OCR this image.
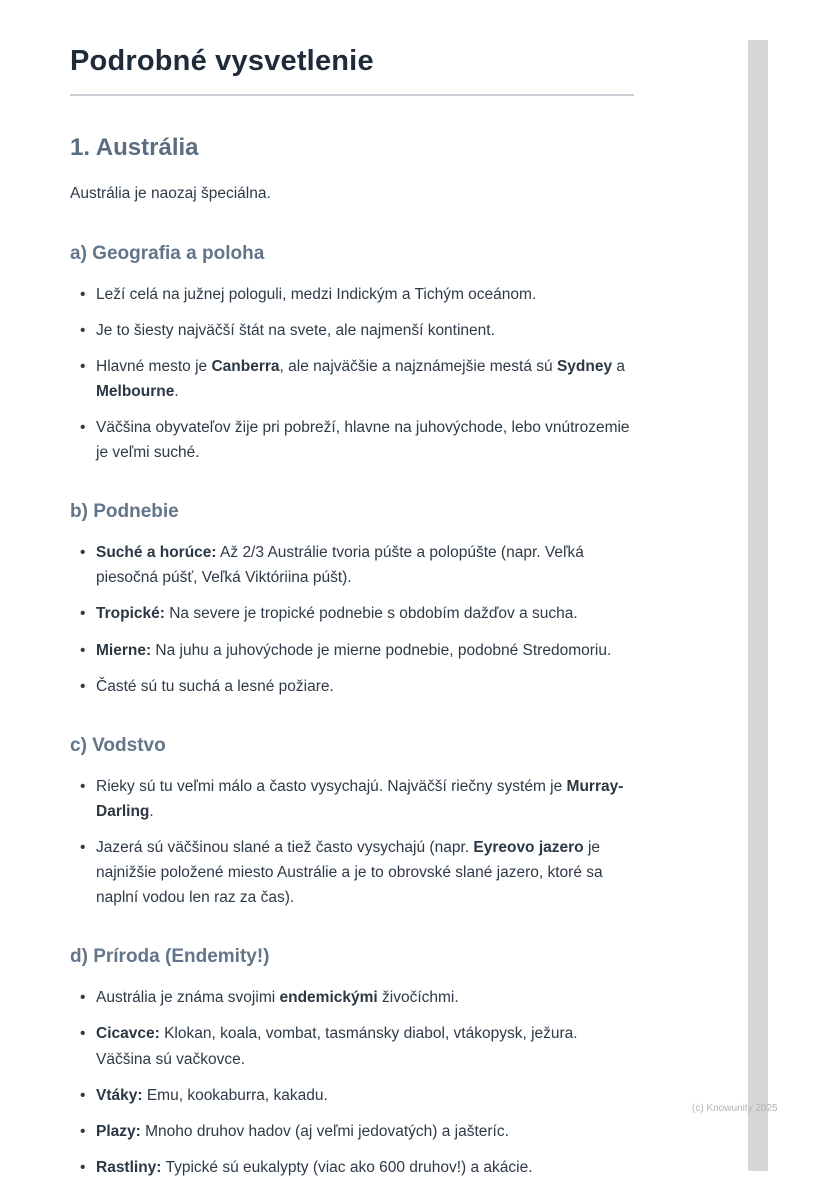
Podrobné vysvetlenie
1. Austrália

Austrália je naozaj špeciálna.

a) Geografia a poloha
• Leží celá na južnej pologuli, medzi Indickým a Tichým oceánom.
• Je to šiesty najväčší štát na svete, ale najmenší kontinent.
• Hlavné mesto je Canberra, ale najväčšie a najznámejšie mestá sú Sydney a Melbourne.
• Väčšina obyvateľov žije pri pobreží, hlavne na juhovýchode, lebo vnútrozemie je veľmi suché.
b) Podnebie
• Suché a horúce: Až 2/3 Austrálie tvoria púšte a polopúšte (napr. Veľká piesočná púšť, Veľká Viktóriina púšt).
• Tropické: Na severe je tropické podnebie s obdobím dažďov a sucha.
• Mierne: Na juhu a juhovýchode je mierne podnebie, podobné Stredomoriu.
• Časté sú tu suchá a lesné požiare.
c) Vodstvo
• Rieky sú tu veľmi málo a často vysychajú. Najväčší riečny systém je Murray-Darling.
• Jazerá sú väčšinou slané a tiež často vysychajú (napr. Eyreovo jazero je najnižšie položené miesto Austrálie a je to obrovské slané jazero, ktoré sa naplní vodou len raz za čas).
d) Príroda (Endemity!)
• Austrália je známa svojimi endemickými živočíchmi.
• Cicavce: Klokan, koala, vombat, tasmánsky diabol, vtákopysk, ježura. Väčšina sú vačkovce.
• Vtáky: Emu, kookaburra, kakadu.
• Plazy: Mnoho druhov hadov (aj veľmi jedovatých) a jašteríc.
• Rastliny: Typické sú eukalypty (viac ako 600 druhov!) a akácie.
(c) Knowunity 2025
